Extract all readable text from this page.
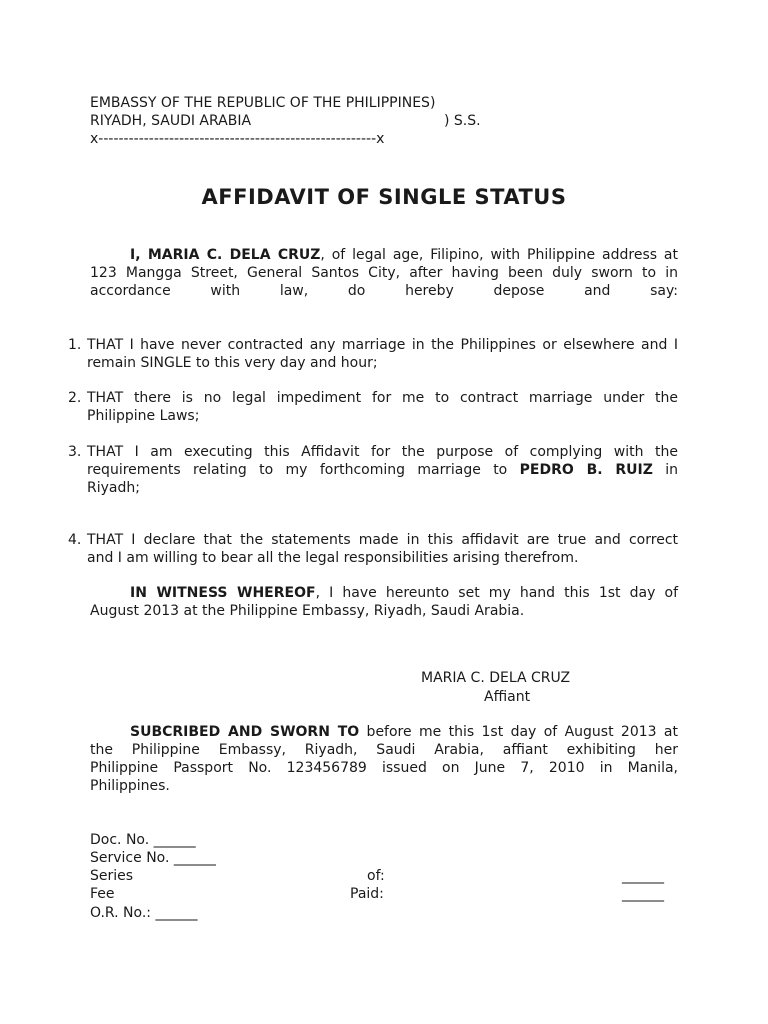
EMBASSY OF THE REPUBLIC OF THE PHILIPPINES)
RIYADH, SAUDI ARABIA	) S.S.
x-------------------------------------------------------x
AFFIDAVIT OF SINGLE STATUS
I, MARIA C. DELA CRUZ, of legal age, Filipino, with Philippine address at
123 Mangga Street, General Santos City, after having been duly sworn to in
accordance with law, do hereby depose and say:
1. THAT I have never contracted any marriage in the Philippines or elsewhere and I
remain SINGLE to this very day and hour;
2. THAT there is no legal impediment for me to contract marriage under the
Philippine Laws;
3. THAT I am executing this Affidavit for the purpose of complying with the
requirements relating to my forthcoming marriage to PEDRO B. RUIZ in
Riyadh;
4. THAT I declare that the statements made in this affidavit are true and correct
and I am willing to bear all the legal responsibilities arising therefrom.
IN WITNESS WHEREOF, I have hereunto set my hand this 1st day of
August 2013 at the Philippine Embassy, Riyadh, Saudi Arabia.
MARIA C. DELA CRUZ
Affiant
SUBCRIBED AND SWORN TO before me this 1st day of August 2013 at
the Philippine Embassy, Riyadh, Saudi Arabia, affiant exhibiting her
Philippine Passport No. 123456789 issued on June 7, 2010 in Manila,
Philippines.
Doc. No. ______
Service No. ______
Series	of:	______
Fee	Paid:	______
O.R. No.: ______
